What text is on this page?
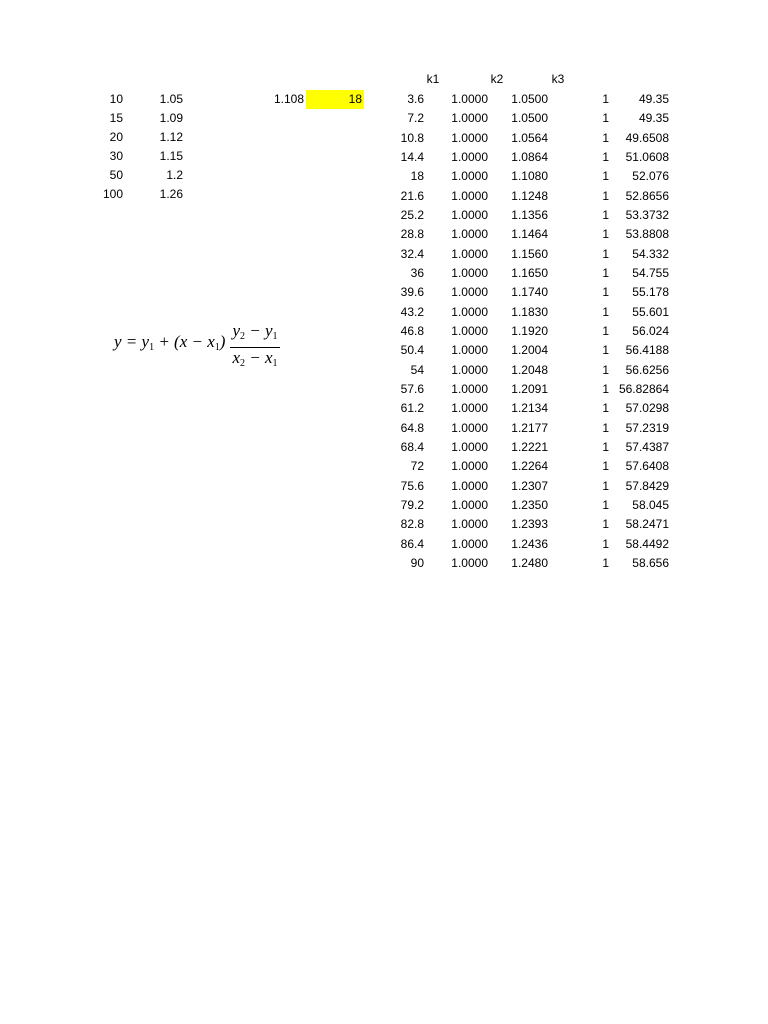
k1	k2	k3
10	1.05
15	1.09
20	1.12
30	1.15
50	1.2
100	1.26
1.108	18
$y = y_1 + (x - x_1)$
$y_2 - y_1$
$x_2 - x_1$
3.6	1.0000	1.0500	1	49.35
7.2	1.0000	1.0500	1	49.35
10.8	1.0000	1.0564	1	49.6508
14.4	1.0000	1.0864	1	51.0608
18	1.0000	1.1080	1	52.076
21.6	1.0000	1.1248	1	52.8656
25.2	1.0000	1.1356	1	53.3732
28.8	1.0000	1.1464	1	53.8808
32.4	1.0000	1.1560	1	54.332
36	1.0000	1.1650	1	54.755
39.6	1.0000	1.1740	1	55.178
43.2	1.0000	1.1830	1	55.601
46.8	1.0000	1.1920	1	56.024
50.4	1.0000	1.2004	1	56.4188
54	1.0000	1.2048	1	56.6256
57.6	1.0000	1.2091	1 56.82864
61.2	1.0000	1.2134	1	57.0298
64.8	1.0000	1.2177	1	57.2319
68.4	1.0000	1.2221	1	57.4387
72	1.0000	1.2264	1	57.6408
75.6	1.0000	1.2307	1	57.8429
79.2	1.0000	1.2350	1	58.045
82.8	1.0000	1.2393	1	58.2471
86.4	1.0000	1.2436	1	58.4492
90	1.0000	1.2480	1	58.656
